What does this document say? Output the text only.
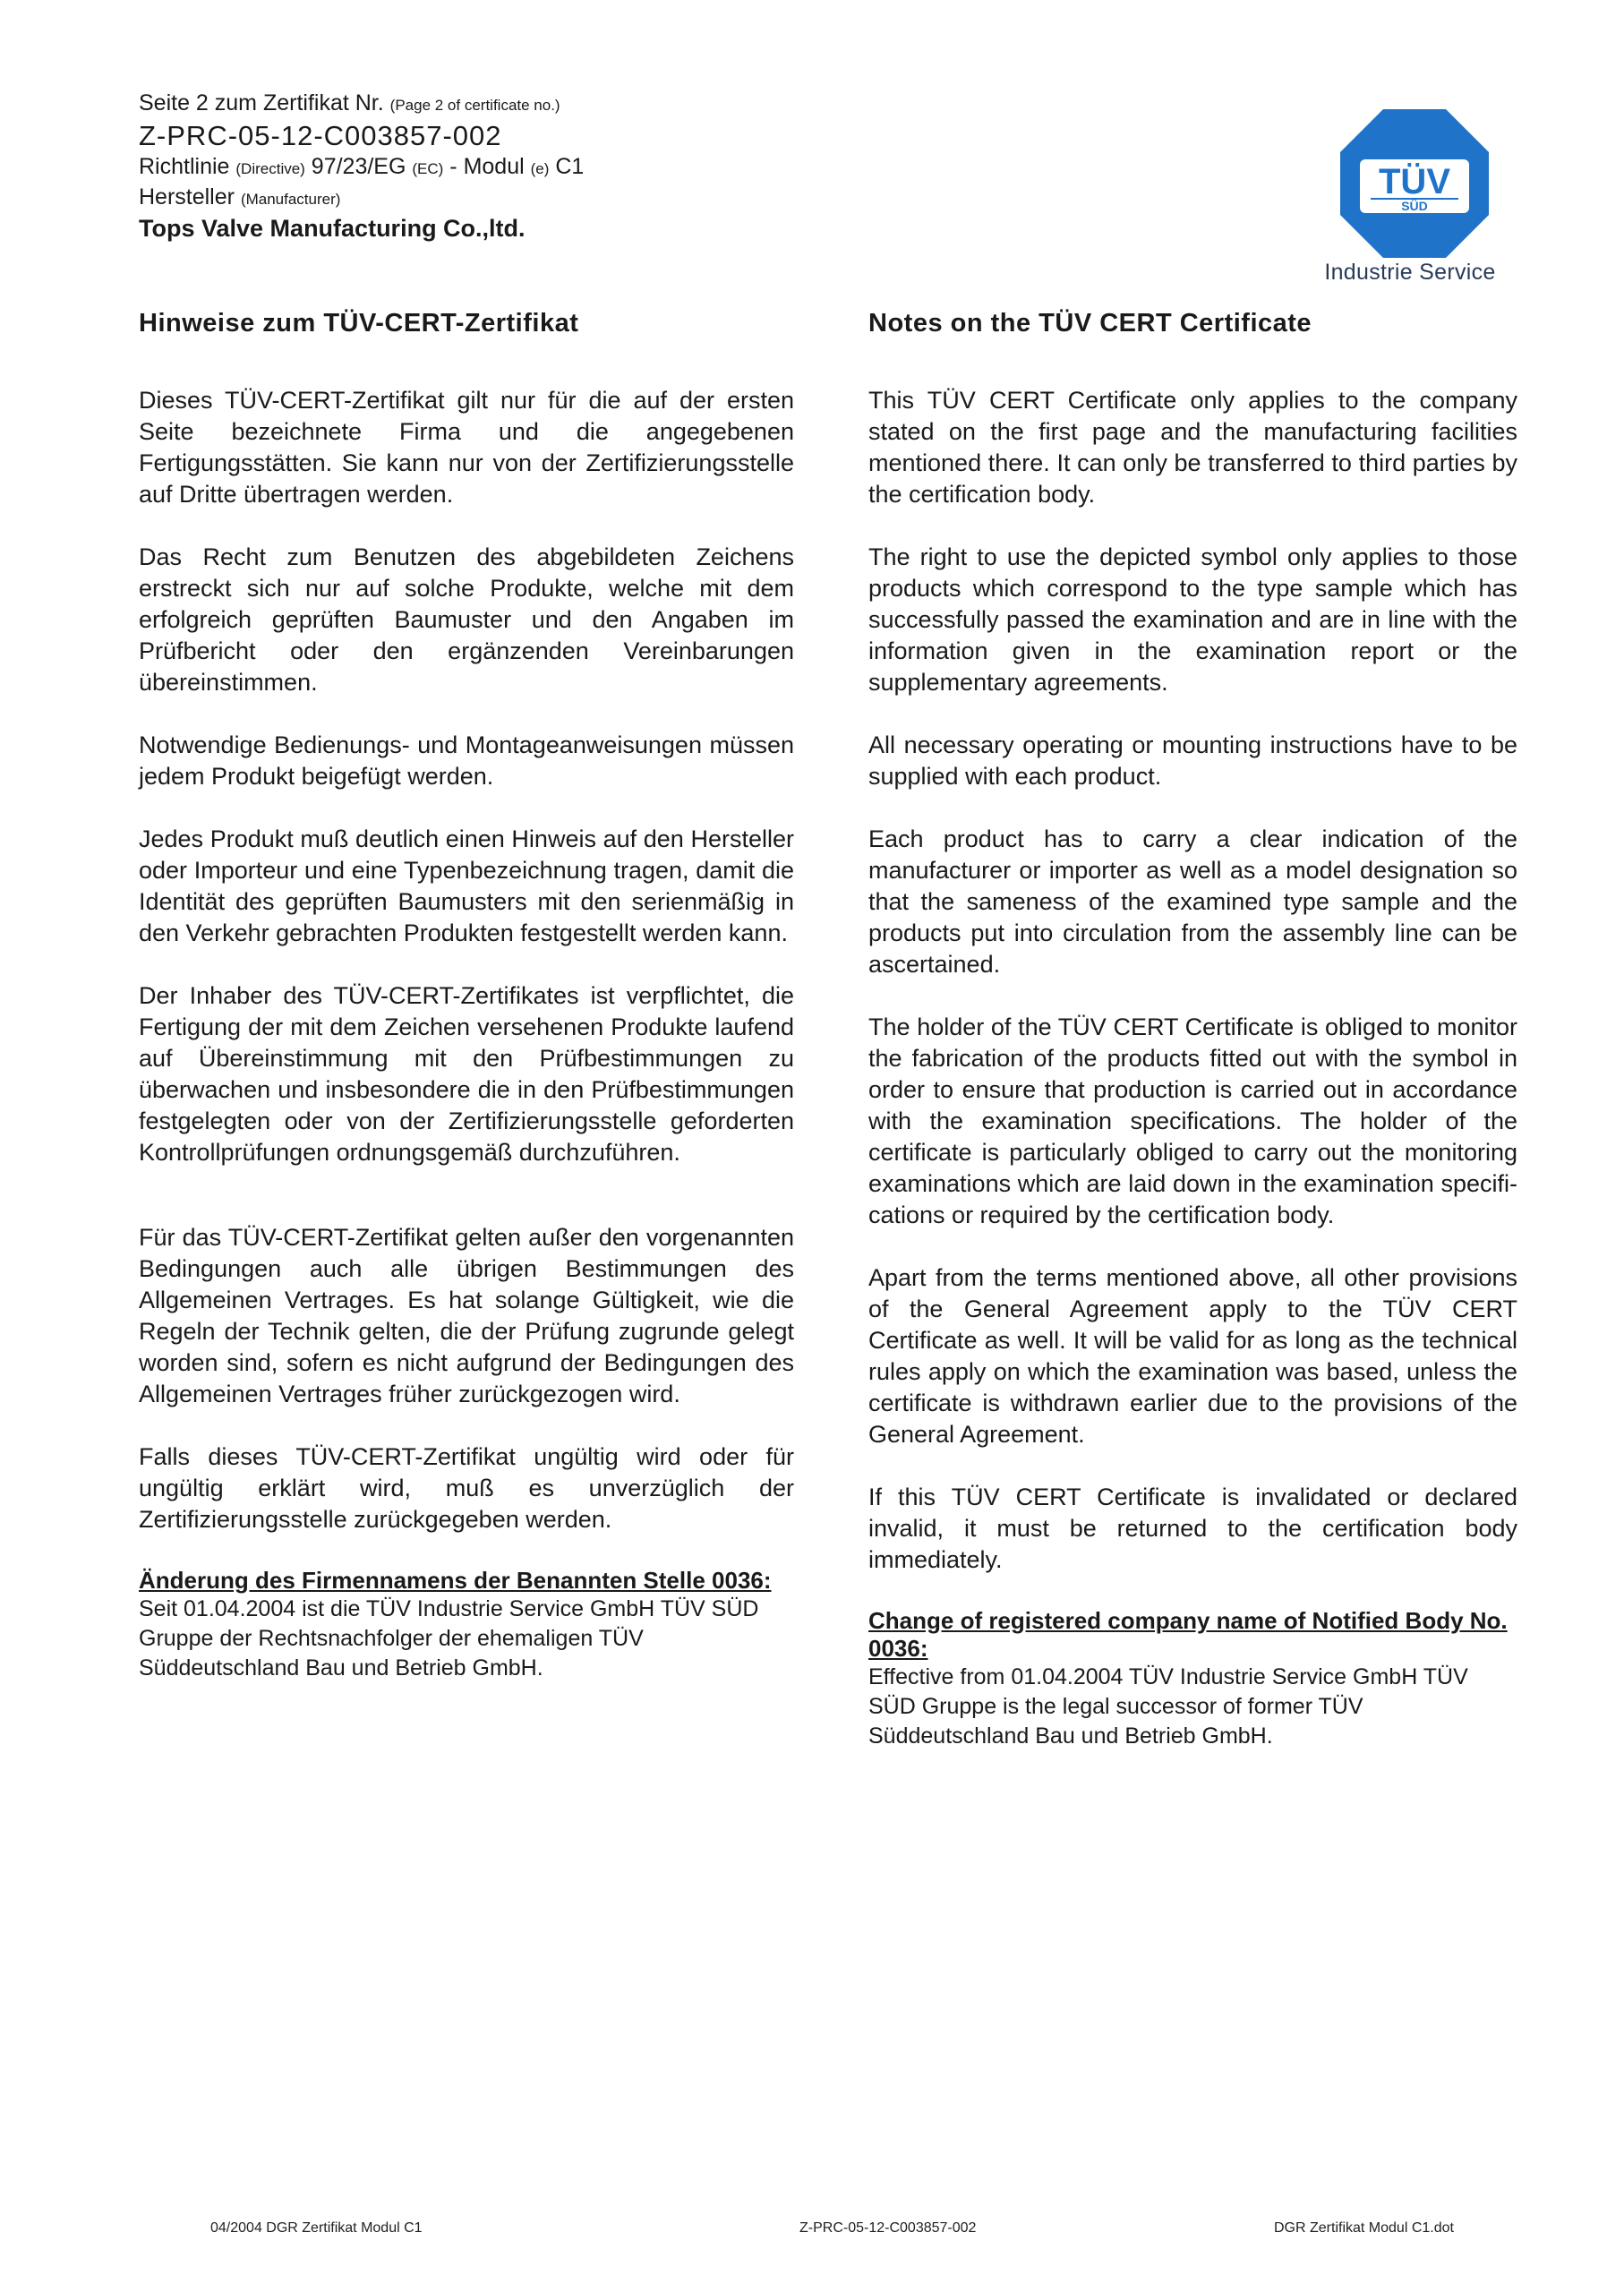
Seite 2 zum Zertifikat Nr. (Page 2 of certificate no.)
Z-PRC-05-12-C003857-002
Richtlinie (Directive) 97/23/EG (EC) - Modul (e) C1
Hersteller (Manufacturer)
Tops Valve Manufacturing Co.,ltd.
TÜV
SÜD
Industrie Service
Hinweise zum TÜV-CERT-Zertifikat

Dieses TÜV-CERT-Zertifikat gilt nur für die auf der ersten Seite bezeichnete Firma und die angegebenen Fertigungsstätten. Sie kann nur von der Zertifizierungsstelle auf Dritte übertragen werden.

Das Recht zum Benutzen des abgebildeten Zeichens erstreckt sich nur auf solche Produkte, welche mit dem erfolgreich geprüften Baumuster und den Angaben im Prüfbericht oder den ergänzenden Vereinbarungen übereinstimmen.

Notwendige Bedienungs- und Montageanweisungen müssen jedem Produkt beigefügt werden.

Jedes Produkt muß deutlich einen Hinweis auf den Hersteller oder Importeur und eine Typenbezeichnung tragen, damit die Identität des geprüften Baumusters mit den serienmäßig in den Verkehr gebrachten Produkten festgestellt werden kann.

Der Inhaber des TÜV-CERT-Zertifikates ist verpflichtet, die Fertigung der mit dem Zeichen versehenen Produkte laufend auf Übereinstimmung mit den Prüfbestimmungen zu überwachen und insbesondere die in den Prüfbestimmungen festgelegten oder von der Zertifizierungsstelle geforderten Kontrollprüfungen ordnungsgemäß durchzuführen.

Für das TÜV-CERT-Zertifikat gelten außer den vorgenannten Bedingungen auch alle übrigen Bestimmungen des Allgemeinen Vertrages. Es hat solange Gültigkeit, wie die Regeln der Technik gelten, die der Prüfung zugrunde gelegt worden sind, sofern es nicht aufgrund der Bedingungen des Allgemeinen Vertrages früher zurückgezogen wird.

Falls dieses TÜV-CERT-Zertifikat ungültig wird oder für ungültig erklärt wird, muß es unverzüglich der Zertifizierungsstelle zurückgegeben werden.

Änderung des Firmennamens der Benannten Stelle 0036:
Seit 01.04.2004 ist die TÜV Industrie Service GmbH TÜV SÜD Gruppe der Rechtsnachfolger der ehemaligen TÜV Süddeutschland Bau und Betrieb GmbH.
Notes on the TÜV CERT Certificate

This TÜV CERT Certificate only applies to the company stated on the first page and the manufacturing facilities mentioned there. It can only be transferred to third parties by the certification body.

The right to use the depicted symbol only applies to those products which correspond to the type sample which has successfully passed the examination and are in line with the information given in the examination report or the supplementary agreements.

All necessary operating or mounting instructions have to be supplied with each product.

Each product has to carry a clear indication of the manufacturer or importer as well as a model designation so that the sameness of the examined type sample and the products put into circulation from the assembly line can be ascertained.

The holder of the TÜV CERT Certificate is obliged to monitor the fabrication of the products fitted out with the symbol in order to ensure that production is carried out in accordance with the examination specifications. The holder of the certificate is particularly obliged to carry out the monitoring examinations which are laid down in the examination specifications or required by the certification body.

Apart from the terms mentioned above, all other provisions of the General Agreement apply to the TÜV CERT Certificate as well. It will be valid for as long as the technical rules apply on which the examination was based, unless the certificate is withdrawn earlier due to the provisions of the General Agreement.

If this TÜV CERT Certificate is invalidated or declared invalid, it must be returned to the certification body immediately.

Change of registered company name of Notified Body No. 0036:
Effective from 01.04.2004 TÜV Industrie Service GmbH TÜV SÜD Gruppe is the legal successor of former TÜV Süddeutschland Bau und Betrieb GmbH.
04/2004 DGR Zertifikat Modul C1	Z-PRC-05-12-C003857-002	DGR Zertifikat Modul C1.dot
